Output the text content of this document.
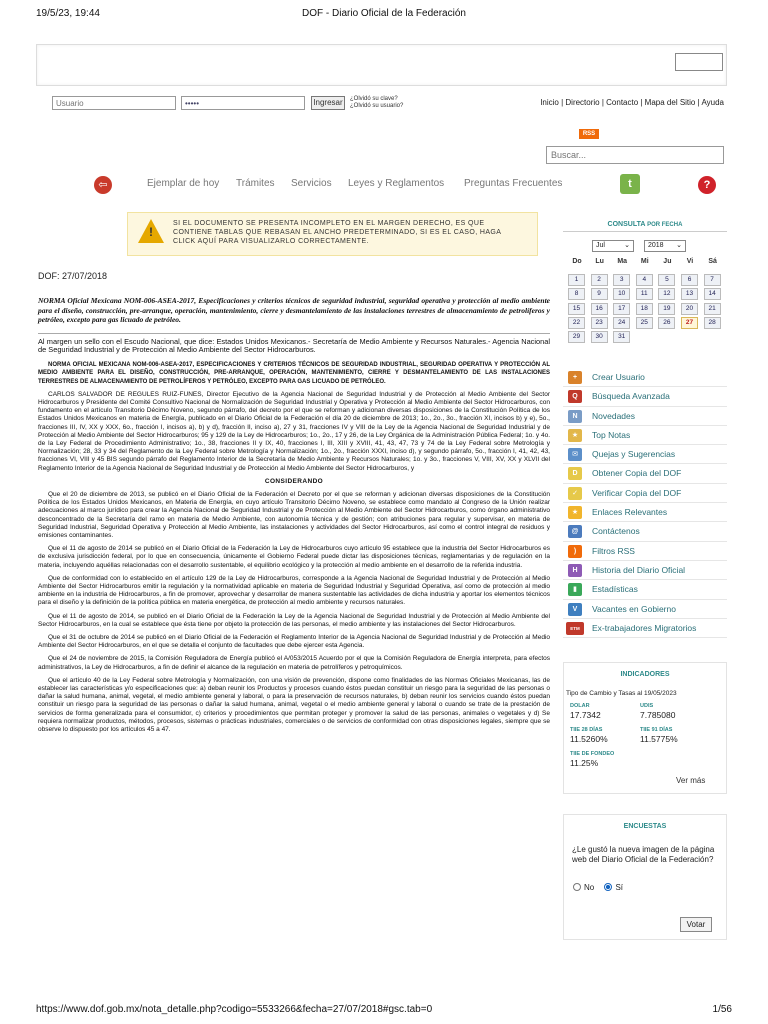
19/5/23, 19:44	DOF - Diario Oficial de la Federación
Usuario
•••••
Ingresar	¿Olvidó su clave?
¿Olvidó su usuario?	Inicio | Directorio | Contacto | Mapa del Sitio | Ayuda
RSS
Buscar...
⇦	Ejemplar de hoy Trámites Servicios Leyes y Reglamentos Preguntas Frecuentes	t	?
!
SI EL DOCUMENTO SE PRESENTA INCOMPLETO EN EL MARGEN DERECHO, ES QUE CONTIENE TABLAS QUE REBASAN EL ANCHO PREDETERMINADO, SI ES EL CASO, HAGA CLICK AQUÍ PARA VISUALIZARLO CORRECTAMENTE.
DOF: 27/07/2018

NORMA Oficial Mexicana NOM-006-ASEA-2017, Especificaciones y criterios técnicos de seguridad industrial, seguridad operativa y protección al medio ambiente para el diseño, construcción, pre-arranque, operación, mantenimiento, cierre y desmantelamiento de las instalaciones terrestres de almacenamiento de petrolíferos y petróleo, excepto para gas licuado de petróleo.

Al margen un sello con el Escudo Nacional, que dice: Estados Unidos Mexicanos.- Secretaría de Medio Ambiente y Recursos Naturales.- Agencia Nacional de Seguridad Industrial y de Protección al Medio Ambiente del Sector Hidrocarburos.

NORMA OFICIAL MEXICANA NOM-006-ASEA-2017, ESPECIFICACIONES Y CRITERIOS TÉCNICOS DE SEGURIDAD INDUSTRIAL, SEGURIDAD OPERATIVA Y PROTECCIÓN AL MEDIO AMBIENTE PARA EL DISEÑO, CONSTRUCCIÓN, PRE-ARRANQUE, OPERACIÓN, MANTENIMIENTO, CIERRE Y DESMANTELAMIENTO DE LAS INSTALACIONES TERRESTRES DE ALMACENAMIENTO DE PETROLÍFEROS Y PETRÓLEO, EXCEPTO PARA GAS LICUADO DE PETRÓLEO.

CARLOS SALVADOR DE REGULES RUIZ-FUNES, Director Ejecutivo de la Agencia Nacional de Seguridad Industrial y de Protección al Medio Ambiente del Sector Hidrocarburos y Presidente del Comité Consultivo Nacional de Normalización de Seguridad Industrial y Operativa y Protección al Medio Ambiente del Sector Hidrocarburos, con fundamento en el artículo Transitorio Décimo Noveno, segundo párrafo, del decreto por el que se reforman y adicionan diversas disposiciones de la Constitución Política de los Estados Unidos Mexicanos en materia de Energía, publicado en el Diario Oficial de la Federación el día 20 de diciembre de 2013; 1o., 2o., 3o., fracción XI, incisos b) y e), 5o., fracciones III, IV, XX y XXX, 6o., fracción I, incisos a), b) y d), fracción II, inciso a), 27 y 31, fracciones IV y VIII de la Ley de la Agencia Nacional de Seguridad Industrial y de Protección al Medio Ambiente del Sector Hidrocarburos; 95 y 129 de la Ley de Hidrocarburos; 1o., 2o., 17 y 26, de la Ley Orgánica de la Administración Pública Federal; 1o. y 4o. de la Ley Federal de Procedimiento Administrativo; 1o., 38, fracciones II y IX, 40, fracciones I, III, XIII y XVIII, 41, 43, 47, 73 y 74 de la Ley Federal sobre Metrología y Normalización; 28, 33 y 34 del Reglamento de la Ley Federal sobre Metrología y Normalización; 1o., 2o., fracción XXXI, inciso d), y segundo párrafo, 5o., fracción I, 41, 42, 43, fracciones VI, VIII y 45 BIS segundo párrafo del Reglamento Interior de la Secretaría de Medio Ambiente y Recursos Naturales; 1o. y 3o., fracciones V, VIII, XV, XX y XLVII del Reglamento Interior de la Agencia Nacional de Seguridad Industrial y de Protección al Medio Ambiente del Sector Hidrocarburos, y

CONSIDERANDO

Que el 20 de diciembre de 2013, se publicó en el Diario Oficial de la Federación el Decreto por el que se reforman y adicionan diversas disposiciones de la Constitución Política de los Estados Unidos Mexicanos, en Materia de Energía, en cuyo artículo Transitorio Décimo Noveno, se establece como mandato al Congreso de la Unión realizar adecuaciones al marco jurídico para crear la Agencia Nacional de Seguridad Industrial y de Protección al Medio Ambiente del Sector Hidrocarburos, como órgano administrativo desconcentrado de la Secretaría del ramo en materia de Medio Ambiente, con autonomía técnica y de gestión; con atribuciones para regular y supervisar, en materia de Seguridad Industrial, Seguridad Operativa y Protección al Medio Ambiente, las instalaciones y actividades del Sector Hidrocarburos, así como el control integral de residuos y emisiones contaminantes.

Que el 11 de agosto de 2014 se publicó en el Diario Oficial de la Federación la Ley de Hidrocarburos cuyo artículo 95 establece que la industria del Sector Hidrocarburos es de exclusiva jurisdicción federal, por lo que en consecuencia, únicamente el Gobierno Federal puede dictar las disposiciones técnicas, reglamentarias y de regulación en la materia, incluyendo aquéllas relacionadas con el desarrollo sustentable, el equilibrio ecológico y la protección al medio ambiente en el desarrollo de la referida industria.

Que de conformidad con lo establecido en el artículo 129 de la Ley de Hidrocarburos, corresponde a la Agencia Nacional de Seguridad Industrial y de Protección al Medio Ambiente del Sector Hidrocarburos emitir la regulación y la normatividad aplicable en materia de Seguridad Industrial y Seguridad Operativa, así como de protección al medio ambiente en la industria de Hidrocarburos, a fin de promover, aprovechar y desarrollar de manera sustentable las actividades de dicha industria y aportar los elementos técnicos para el diseño y la definición de la política pública en materia energética, de protección al medio ambiente y recursos naturales.

Que el 11 de agosto de 2014, se publicó en el Diario Oficial de la Federación la Ley de la Agencia Nacional de Seguridad Industrial y de Protección al Medio Ambiente del Sector Hidrocarburos, en la cual se establece que ésta tiene por objeto la protección de las personas, el medio ambiente y las instalaciones del Sector Hidrocarburos.

Que el 31 de octubre de 2014 se publicó en el Diario Oficial de la Federación el Reglamento Interior de la Agencia Nacional de Seguridad Industrial y de Protección al Medio Ambiente del Sector Hidrocarburos, en el que se detalla el conjunto de facultades que debe ejercer esta Agencia.

Que el 24 de noviembre de 2015, la Comisión Reguladora de Energía publicó el A/053/2015 Acuerdo por el que la Comisión Reguladora de Energía interpreta, para efectos administrativos, la Ley de Hidrocarburos, a fin de definir el alcance de la regulación en materia de petrolíferos y petroquímicos.

Que el artículo 40 de la Ley Federal sobre Metrología y Normalización, con una visión de prevención, dispone como finalidades de las Normas Oficiales Mexicanas, las de establecer las características y/o especificaciones que: a) deban reunir los Productos y procesos cuando éstos puedan constituir un riesgo para la seguridad de las personas o dañar la salud humana, animal, vegetal, el medio ambiente general y laboral, o para la preservación de recursos naturales, b) deban reunir los servicios cuando éstos puedan constituir un riesgo para la seguridad de las personas o dañar la salud humana, animal, vegetal o el medio ambiente general y laboral o cuando se trate de la prestación de servicios de forma generalizada para el consumidor, c) criterios y procedimientos que permitan proteger y promover la salud de las personas, animales o vegetales y d) Se requiera normalizar productos, métodos, procesos, sistemas o prácticas industriales, comerciales o de servicios de conformidad con otras disposiciones legales, siempre que se observe lo dispuesto por los artículos 45 a 47.

CONSULTA POR FECHA
Jul	⌄	2018 ⌄
Do	Lu	Ma	Mi	Ju	Vi	Sá
1	2	3	4	5	6	7
8	9	10	11	12	13	14
15	16	17	18	19	20	21
22	23	24	25	26	27	28
29	30	31
+	Crear Usuario
Q	Búsqueda Avanzada
N	Novedades
★	Top Notas
✉	Quejas y Sugerencias
D	Obtener Copia del DOF
✓	Verificar Copia del DOF
★	Enlaces Relevantes
@	Contáctenos
)	Filtros RSS
H	Historia del Diario Oficial
▮	Estadísticas
V	Vacantes en Gobierno
ETM	Ex-trabajadores Migratorios
INDICADORES
Tipo de Cambio y Tasas al 19/05/2023
DOLAR
17.7342
UDIS
7.785080
TIIE 28 DÍAS
11.5260%
TIIE 91 DÍAS
11.5775%
TIIE DE FONDEO
11.25%
Ver más
ENCUESTAS
¿Le gustó la nueva imagen de la página web del Diario Oficial de la Federación?
No	Sí
Votar
https://www.dof.gob.mx/nota_detalle.php?codigo=5533266&fecha=27/07/2018#gsc.tab=0	1/56
